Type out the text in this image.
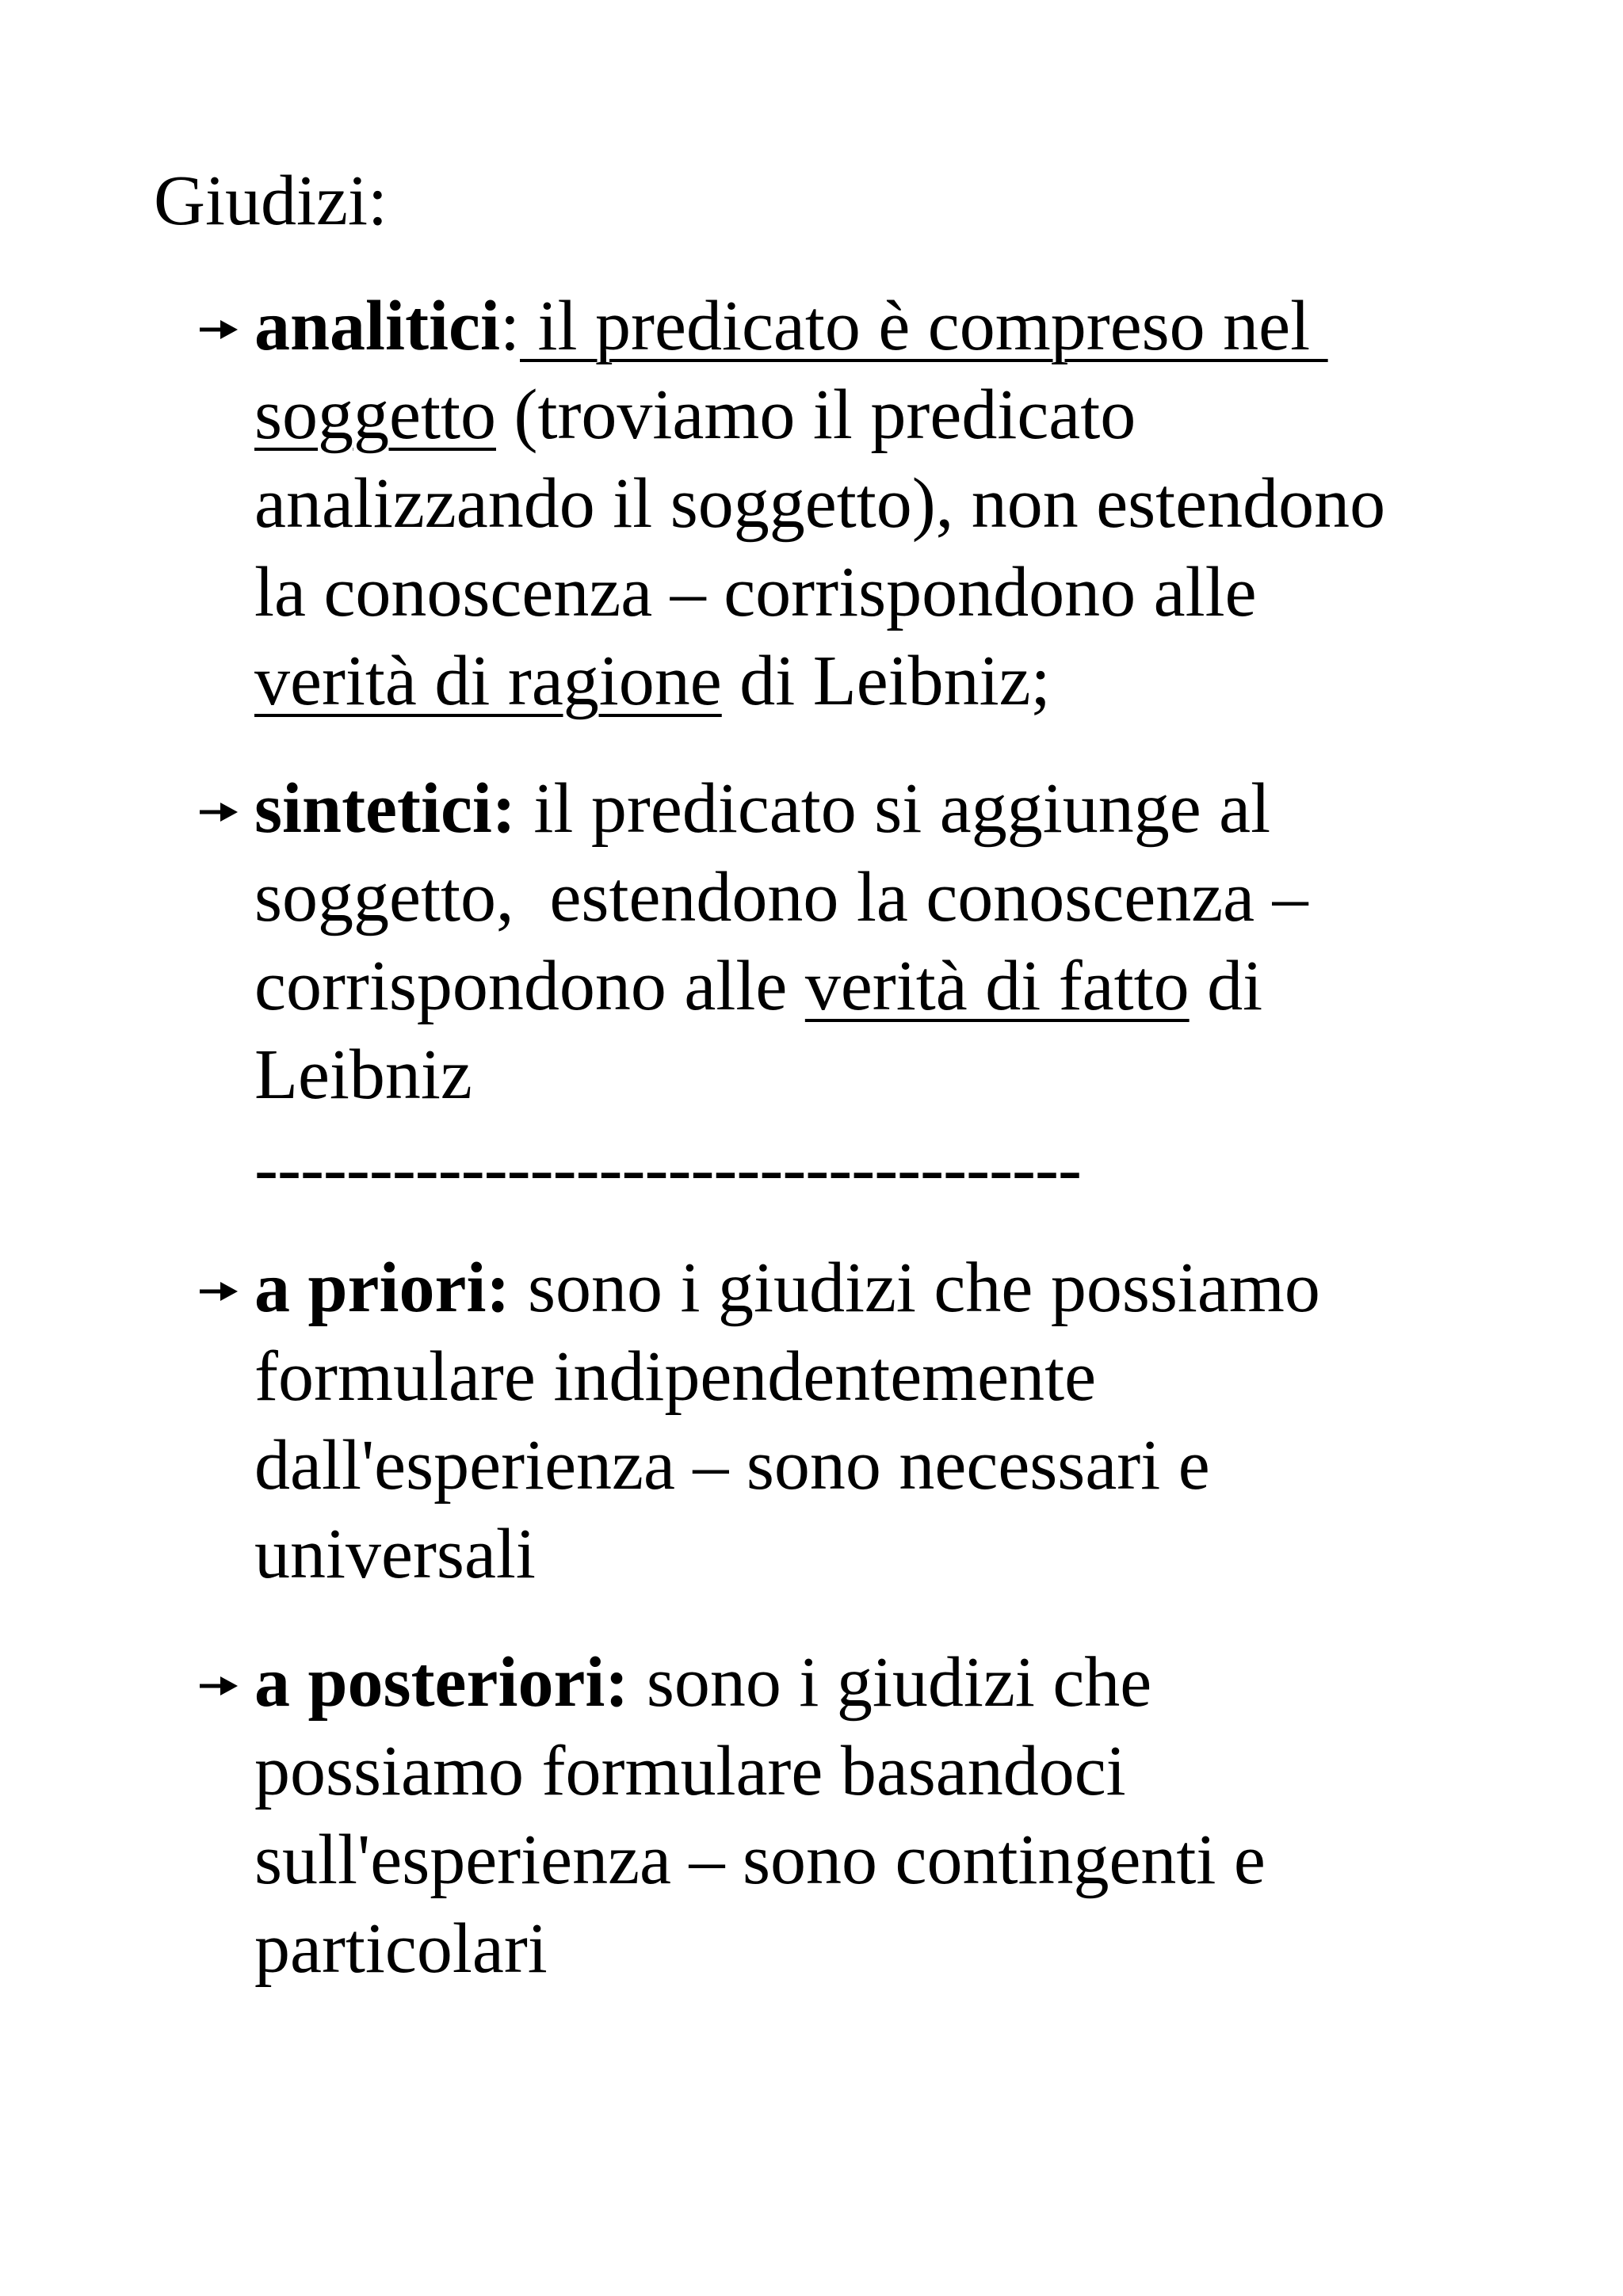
Giudizi:
analitici: il predicato è compreso nel
soggetto (troviamo il predicato
analizzando il soggetto), non estendono
la conoscenza – corrispondono alle
verità di ragione di Leibniz;
sintetici: il predicato si aggiunge al
soggetto,  estendono la conoscenza –
corrispondono alle verità di fatto di
Leibniz
------------------------------------
a priori: sono i giudizi che possiamo
formulare indipendentemente
dall'esperienza – sono necessari e
universali
a posteriori: sono i giudizi che
possiamo formulare basandoci
sull'esperienza – sono contingenti e
particolari
